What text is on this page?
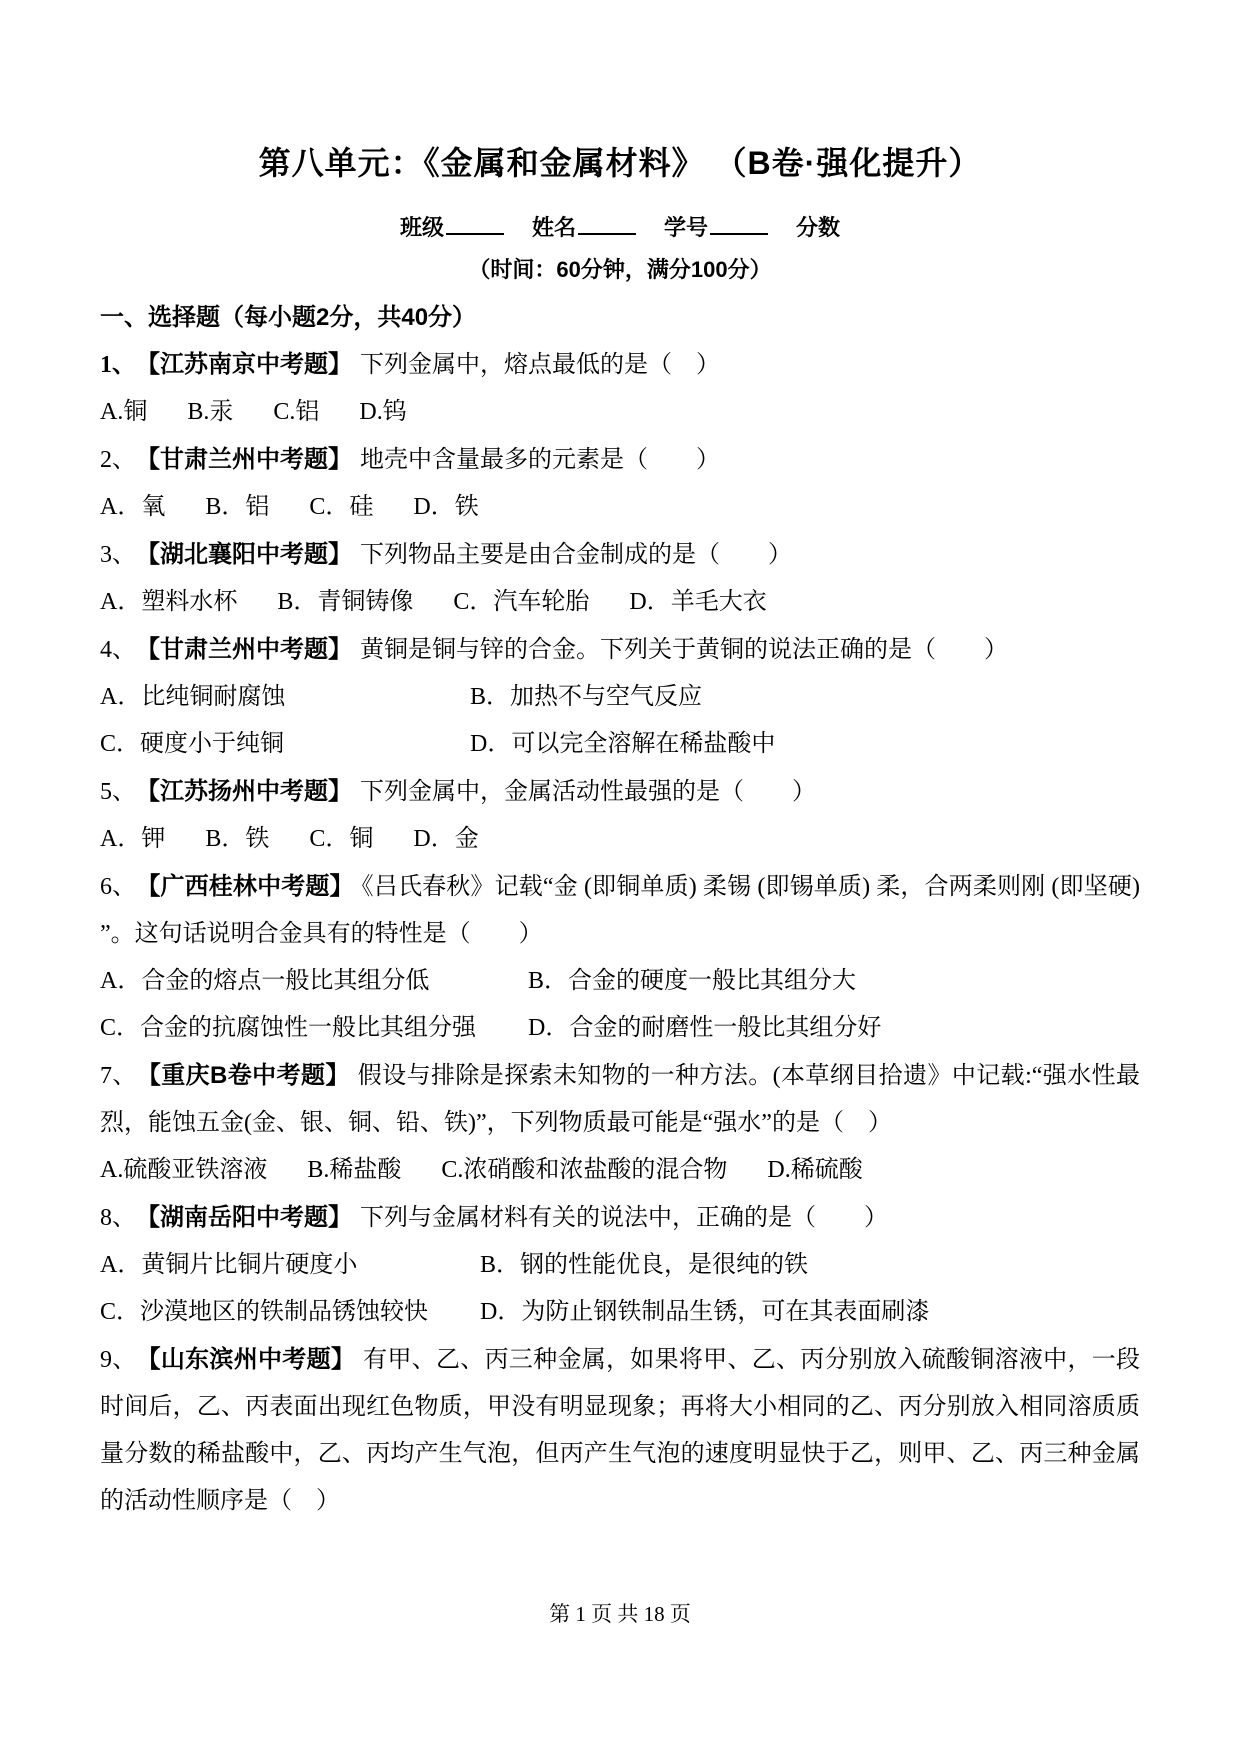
第八单元：《金属和金属材料》 （B卷·强化提升）
班级	姓名	学号	分数
（时间：60分钟，满分100分）
一、选择题（每小题2分，共40分）

1、 【江苏南京中考题】 下列金属中，熔点最低的是（　）

A.铜 B.汞 C.铝 D.钨

2、 【甘肃兰州中考题】 地壳中含量最多的元素是（　　）

A．氧 B．铝 C．硅 D．铁

3、 【湖北襄阳中考题】 下列物品主要是由合金制成的是（　　）

A．塑料水杯 B．青铜铸像 C．汽车轮胎 D．羊毛大衣

4、 【甘肃兰州中考题】 黄铜是铜与锌的合金。下列关于黄铜的说法正确的是（　　）

A．比纯铜耐腐蚀	B．加热不与空气反应
C．硬度小于纯铜	D．可以完全溶解在稀盐酸中

5、 【江苏扬州中考题】 下列金属中，金属活动性最强的是（　　）

A．钾 B．铁 C．铜 D．金

6、 【广西桂林中考题】 《吕氏春秋》记载“金 (即铜单质) 柔锡 (即锡单质) 柔，合两柔则刚 (即坚硬) ”。这句话说明合金具有的特性是（　　）

A．合金的熔点一般比其组分低	B．合金的硬度一般比其组分大
C．合金的抗腐蚀性一般比其组分强 D．合金的耐磨性一般比其组分好

7、 【重庆B卷中考题】 假设与排除是探索未知物的一种方法。(本草纲目拾遗》中记载:“强水性最烈，能蚀五金(金、银、铜、铅、铁)”，下列物质最可能是“强水”的是（　）

A.硫酸亚铁溶液 B.稀盐酸 C.浓硝酸和浓盐酸的混合物 D.稀硫酸

8、 【湖南岳阳中考题】 下列与金属材料有关的说法中，正确的是（　　）

A．黄铜片比铜片硬度小	B．钢的性能优良，是很纯的铁
C．沙漠地区的铁制品锈蚀较快 D．为防止钢铁制品生锈，可在其表面刷漆

9、 【山东滨州中考题】 有甲、乙、丙三种金属，如果将甲、乙、丙分别放入硫酸铜溶液中，一段时间后，乙、丙表面出现红色物质，甲没有明显现象；再将大小相同的乙、丙分别放入相同溶质质量分数的稀盐酸中，乙、丙均产生气泡，但丙产生气泡的速度明显快于乙，则甲、乙、丙三种金属的活动性顺序是（　）

第 1 页 共 18 页
